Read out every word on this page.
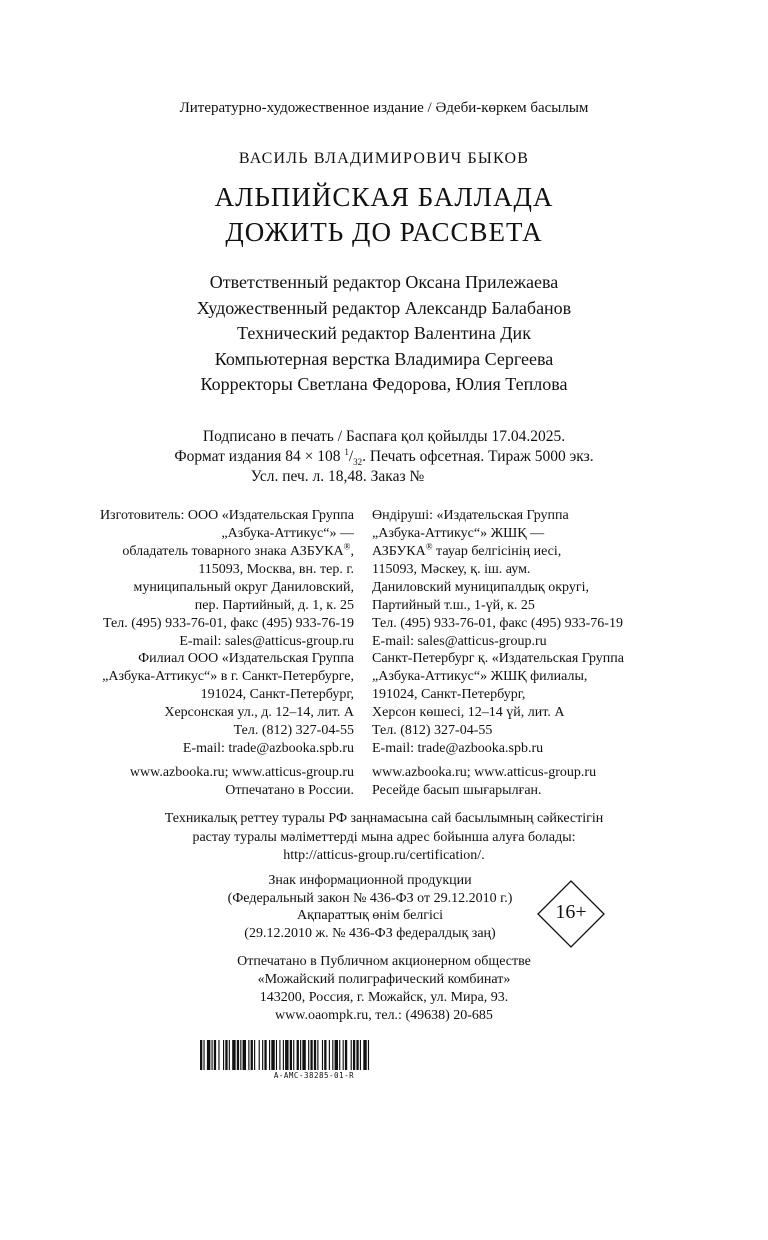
Литературно-художественное издание / Әдеби-көркем басылым
ВАСИЛЬ ВЛАДИМИРОВИЧ БЫКОВ
АЛЬПИЙСКАЯ БАЛЛАДА
ДОЖИТЬ ДО РАССВЕТА
Ответственный редактор Оксана Прилежаева
Художественный редактор Александр Балабанов
Технический редактор Валентина Дик
Компьютерная верстка Владимира Сергеева
Корректоры Светлана Федорова, Юлия Теплова
Подписано в печать / Баспаға қол қойылды 17.04.2025.
Формат издания 84 × 108 $^1/_{32}$. Печать офсетная. Тираж 5000 экз.
Усл. печ. л. 18,48. Заказ №
Изготовитель: ООО «Издательская Группа
„Азбука-Аттикус“» —
обладатель товарного знака АЗБУКА®,
115093, Москва, вн. тер. г.
муниципальный округ Даниловский,
пер. Партийный, д. 1, к. 25
Тел. (495) 933-76-01, факс (495) 933-76-19
E-mail: sales@atticus-group.ru
Өндіруші: «Издательская Группа
„Азбука-Аттикус“» ЖШҚ —
АЗБУКА® тауар белгісінің иесі,
115093, Мәскеу, қ. іш. аум.
Даниловский муниципалдық округі,
Партийный т.ш., 1-үй, к. 25
Тел. (495) 933-76-01, факс (495) 933-76-19
E-mail: sales@atticus-group.ru
Филиал ООО «Издательская Группа
„Азбука-Аттикус“» в г. Санкт-Петербурге,
191024, Санкт-Петербург,
Херсонская ул., д. 12–14, лит. А
Тел. (812) 327-04-55
E-mail: trade@azbooka.spb.ru
Санкт-Петербург қ. «Издательская Группа
„Азбука-Аттикус“» ЖШҚ филиалы,
191024, Санкт-Петербург,
Херсон көшесі, 12–14 үй, лит. А
Тел. (812) 327-04-55
E-mail: trade@azbooka.spb.ru
www.azbooka.ru; www.atticus-group.ru
Отпечатано в России.
www.azbooka.ru; www.atticus-group.ru
Ресейде басып шығарылған.
Техникалық реттеу туралы РФ заңнамасына сай басылымның сәйкестігін
растау туралы мәліметтерді мына адрес бойынша алуға болады:
http://atticus-group.ru/certification/.
Знак информационной продукции
(Федеральный закон № 436-ФЗ от 29.12.2010 г.)
Ақпараттық өнім белгісі
(29.12.2010 ж. № 436-ФЗ федералдық заң)
16+
Отпечатано в Публичном акционерном обществе
«Можайский полиграфический комбинат»
143200, Россия, г. Можайск, ул. Мира, 93.
www.oaompk.ru, тел.: (49638) 20-685
A-AMC-38285-01-R
